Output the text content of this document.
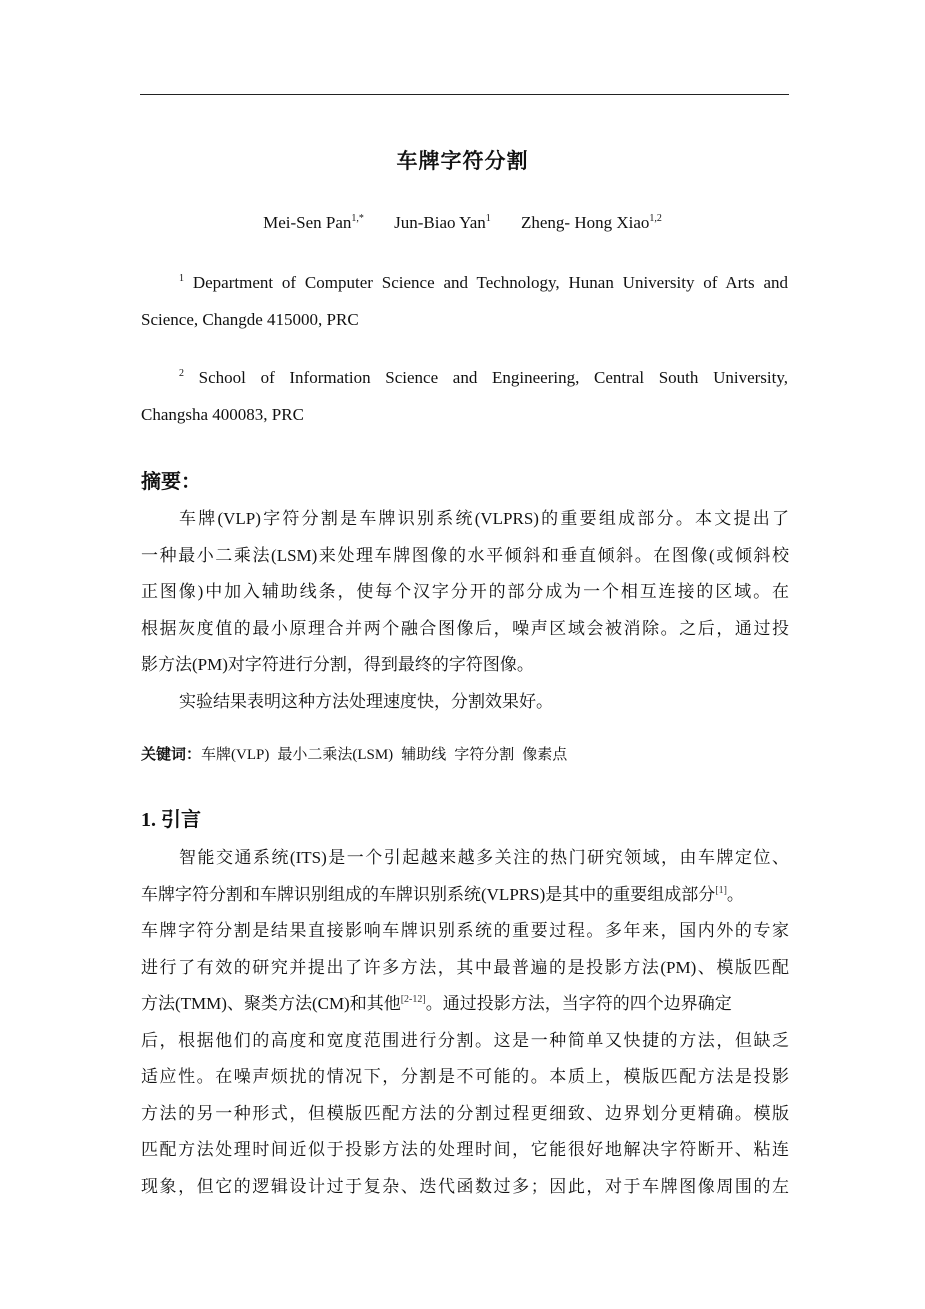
车牌字符分割
Mei-Sen Pan$^{1,*}$ Jun-Biao Yan$^1$ Zheng- Hong Xiao$^{1,2}$
$^1$ Department of Computer Science and Technology, Hunan University of Arts and
Science, Changde 415000, PRC
$^2$ School of Information Science and Engineering, Central South University,
Changsha 400083, PRC
摘要：
车牌(VLP)字符分割是车牌识别系统(VLPRS)的重要组成部分。本文提出了
一种最小二乘法(LSM)来处理车牌图像的水平倾斜和垂直倾斜。在图像(或倾斜校
正图像)中加入辅助线条，使每个汉字分开的部分成为一个相互连接的区域。在
根据灰度值的最小原理合并两个融合图像后，噪声区域会被消除。之后，通过投
影方法(PM)对字符进行分割，得到最终的字符图像。
实验结果表明这种方法处理速度快，分割效果好。
关键词：车牌(VLP) 最小二乘法(LSM) 辅助线 字符分割 像素点
1. 引言
智能交通系统(ITS)是一个引起越来越多关注的热门研究领域，由车牌定位、
车牌字符分割和车牌识别组成的车牌识别系统(VLPRS)是其中的重要组成部分[1]。
车牌字符分割是结果直接影响车牌识别系统的重要过程。多年来，国内外的专家
进行了有效的研究并提出了许多方法，其中最普遍的是投影方法(PM)、模版匹配
方法(TMM)、聚类方法(CM)和其他[2-12]。通过投影方法，当字符的四个边界确定
后，根据他们的高度和宽度范围进行分割。这是一种简单又快捷的方法，但缺乏
适应性。在噪声烦扰的情况下，分割是不可能的。本质上，模版匹配方法是投影
方法的另一种形式，但模版匹配方法的分割过程更细致、边界划分更精确。模版
匹配方法处理时间近似于投影方法的处理时间，它能很好地解决字符断开、粘连
现象，但它的逻辑设计过于复杂、迭代函数过多；因此，对于车牌图像周围的左
